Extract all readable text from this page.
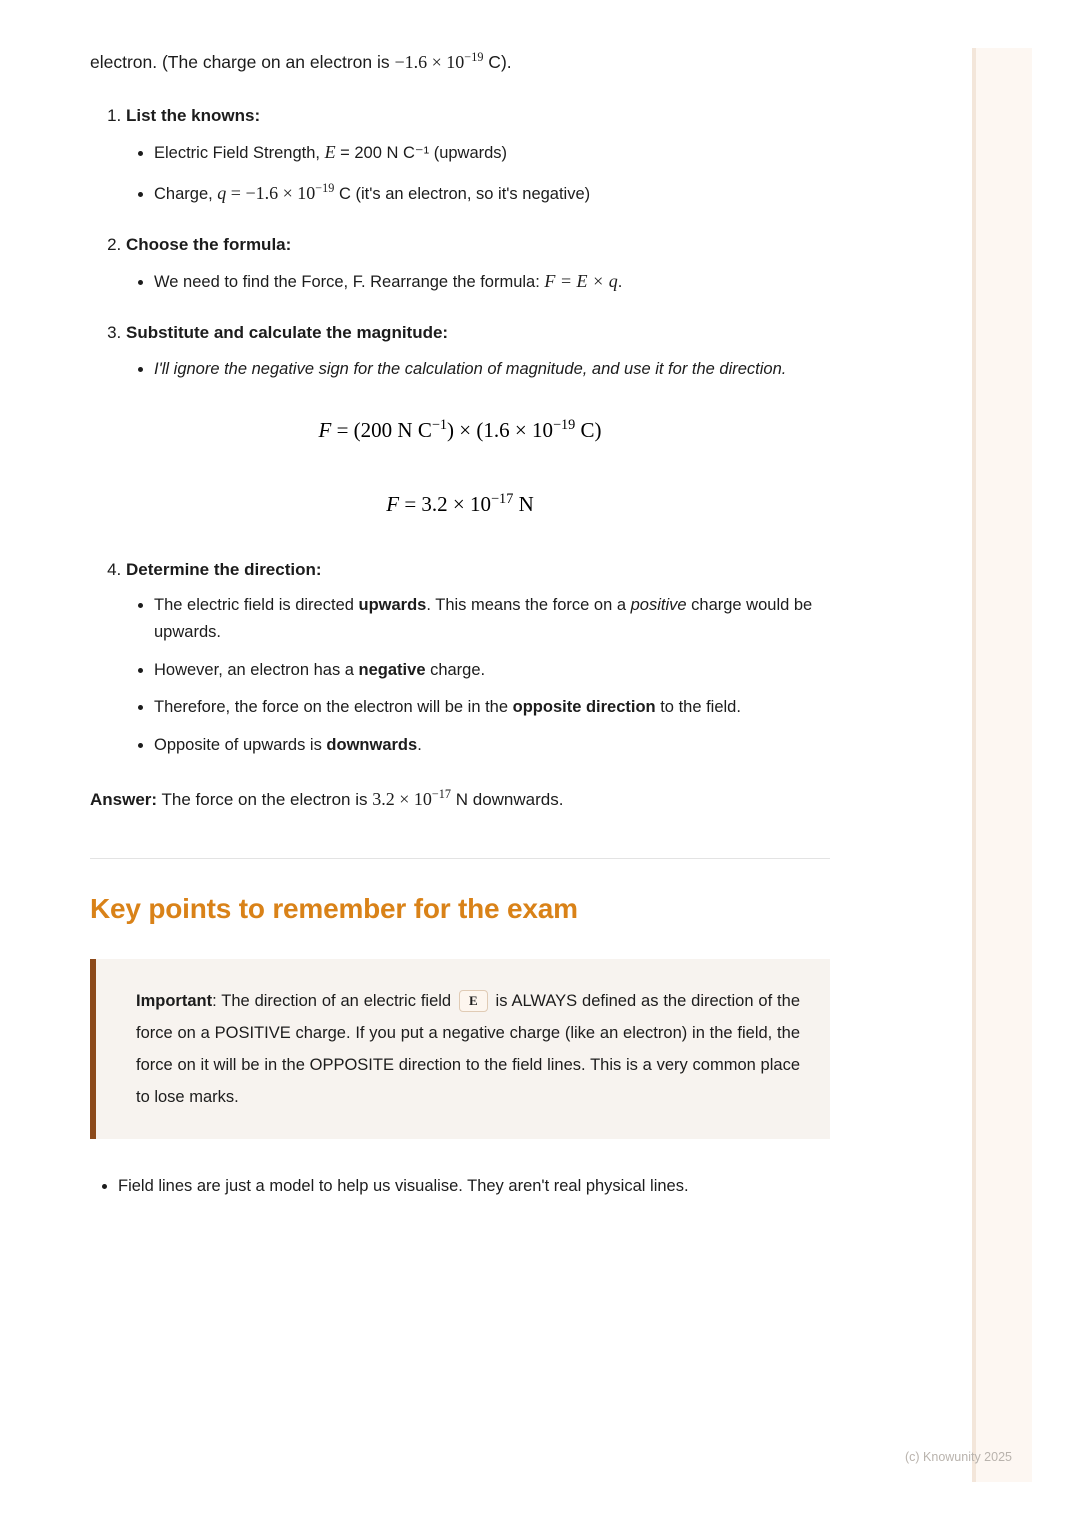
electron. (The charge on an electron is $-1.6 \times 10^{-19}$ C).

1. List the knowns:
• Electric Field Strength, E = 200 N C⁻¹ (upwards)
• Charge, $q = -1.6 \times 10^{-19}$ C (it's an electron, so it's negative)
2. Choose the formula:
• We need to find the Force, F. Rearrange the formula: F = E × q.
3. Substitute and calculate the magnitude:
• I'll ignore the negative sign for the calculation of magnitude, and use it for the direction.
F = (200 N $C^{-1}) \times (1.6 \times 10^{-19}$ C)
$F = 3.2 \times 10^{-17}$ N
4. Determine the direction:
• The electric field is directed upwards. This means the force on a positive charge would be upwards.
• However, an electron has a negative charge.
• Therefore, the force on the electron will be in the opposite direction to the field.
• Opposite of upwards is downwards.

Answer: The force on the electron is $3.2 \times 10^{-17}$ N downwards.

Key points to remember for the exam

Important: The direction of an electric field E is ALWAYS defined as the direction of the force on a POSITIVE charge. If you put a negative charge (like an electron) in the field, the force on it will be in the OPPOSITE direction to the field lines. This is a very common place to lose marks.

• Field lines are just a model to help us visualise. They aren't real physical lines.
(c) Knowunity 2025
